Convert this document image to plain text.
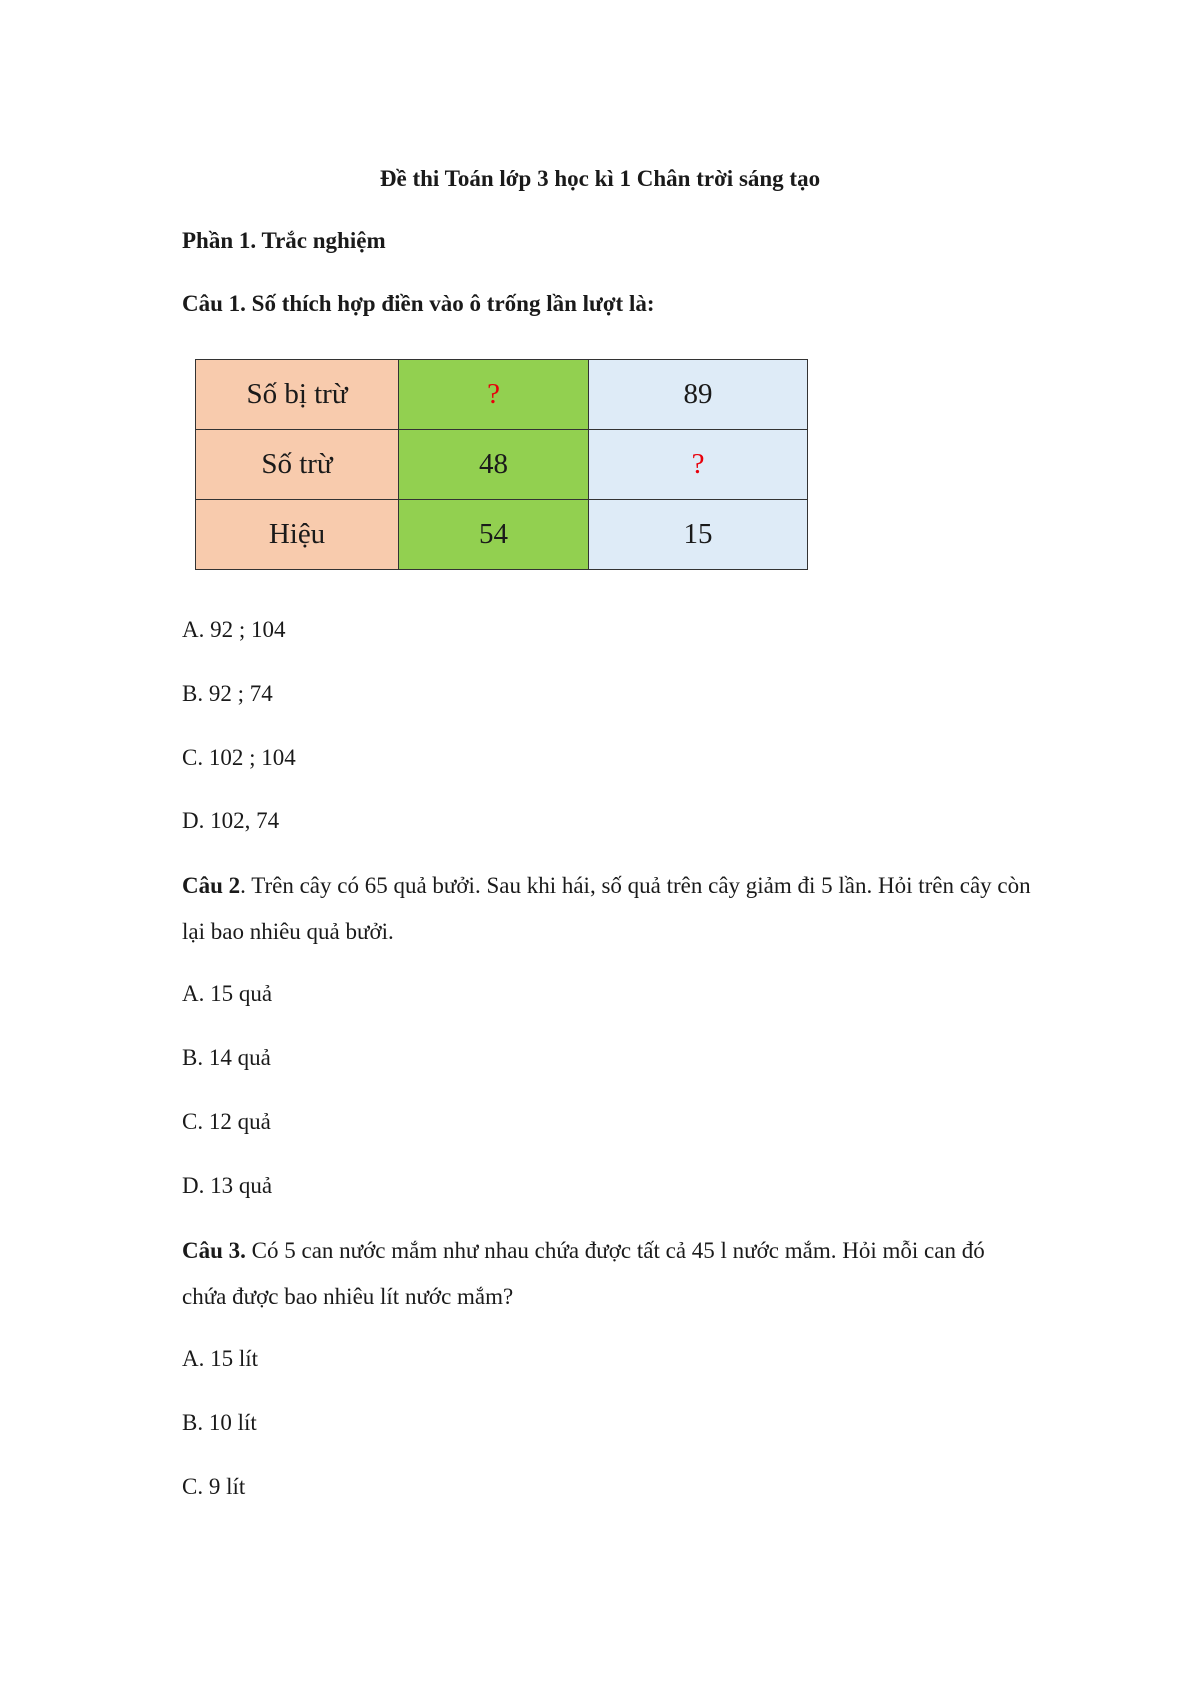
Đề thi Toán lớp 3 học kì 1 Chân trời sáng tạo
Phần 1. Trắc nghiệm
Câu 1. Số thích hợp điền vào ô trống lần lượt là:
Số bị trừ	?	89
Số trừ	48	?
Hiệu	54	15
A. 92 ; 104
B. 92 ; 74
C. 102 ; 104
D. 102, 74
Câu 2. Trên cây có 65 quả bưởi. Sau khi hái, số quả trên cây giảm đi 5 lần. Hỏi trên cây còn lại bao nhiêu quả bưởi.
A. 15 quả
B. 14 quả
C. 12 quả
D. 13 quả
Câu 3. Có 5 can nước mắm như nhau chứa được tất cả 45 l nước mắm. Hỏi mỗi can đó chứa được bao nhiêu lít nước mắm?
A. 15 lít
B. 10 lít
C. 9 lít
